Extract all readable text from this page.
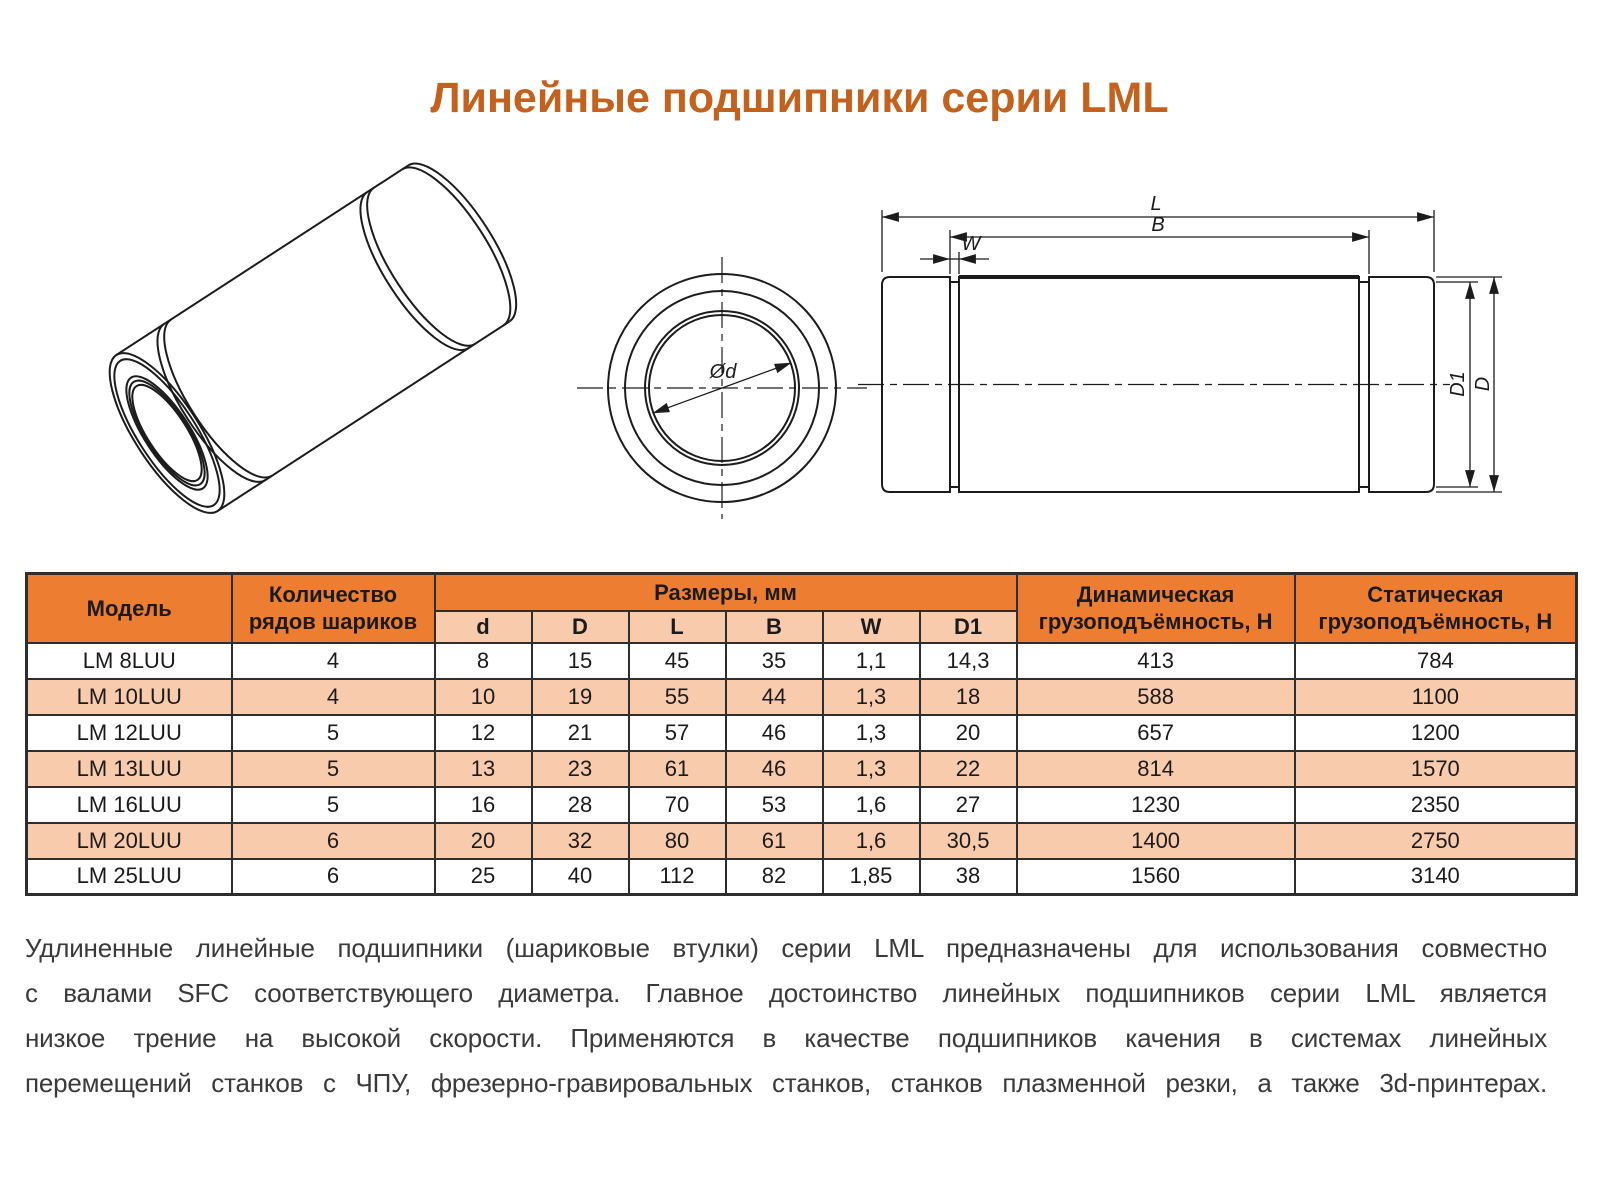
Линейные подшипники серии LML
Ød
L
B
W
D1 D
Модель	Количество рядов шариков	Размеры, мм						Динамическая грузоподъёмность, Н	Статическая грузоподъёмность, Н
		d	D	L	B	W	D1		
LM 8LUU	4	8	15	45	35	1,1	14,3	413	784
LM 10LUU	4	10	19	55	44	1,3	18	588	1100
LM 12LUU	5	12	21	57	46	1,3	20	657	1200
LM 13LUU	5	13	23	61	46	1,3	22	814	1570
LM 16LUU	5	16	28	70	53	1,6	27	1230	2350
LM 20LUU	6	20	32	80	61	1,6	30,5	1400	2750
LM 25LUU	6	25	40	112	82	1,85	38	1560	3140
Удлиненные линейные подшипники (шариковые втулки) серии LML предназначены для использования совместно
с валами SFC соответствующего диаметра. Главное достоинство линейных подшипников серии LML является
низкое трение на высокой скорости. Применяются в качестве подшипников качения в системах линейных
перемещений станков с ЧПУ, фрезерно-гравировальных станков, станков плазменной резки, а также 3d-принтерах.
